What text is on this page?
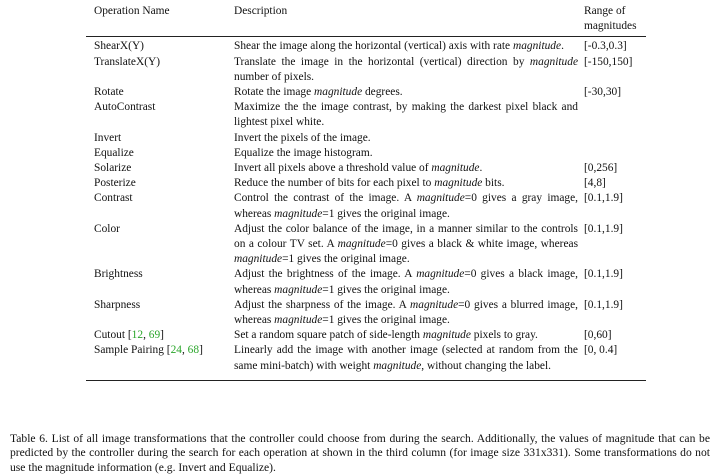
Operation Name	Description	Range of magnitudes
ShearX(Y)	Shear the image along the horizontal (vertical) axis with rate magnitude.	[-0.3,0.3]
TranslateX(Y)	Translate the image in the horizontal (vertical) direction by magnitude number of pixels.	[-150,150]
Rotate	Rotate the image magnitude degrees.	[-30,30]
AutoContrast	Maximize the the image contrast, by making the darkest pixel black and lightest pixel white.	
Invert	Invert the pixels of the image.	
Equalize	Equalize the image histogram.	
Solarize	Invert all pixels above a threshold value of magnitude.	[0,256]
Posterize	Reduce the number of bits for each pixel to magnitude bits.	[4,8]
Contrast	Control the contrast of the image. A magnitude=0 gives a gray image, whereas magnitude=1 gives the original image.	[0.1,1.9]
Color	Adjust the color balance of the image, in a manner similar to the controls on a colour TV set. A magnitude=0 gives a black & white image, whereas magnitude=1 gives the original image.	[0.1,1.9]
Brightness	Adjust the brightness of the image. A magnitude=0 gives a black image, whereas magnitude=1 gives the original image.	[0.1,1.9]
Sharpness	Adjust the sharpness of the image. A magnitude=0 gives a blurred image, whereas magnitude=1 gives the original image.	[0.1,1.9]
Cutout [12, 69]	Set a random square patch of side-length magnitude pixels to gray.	[0,60]
Sample Pairing [24, 68]	Linearly add the image with another image (selected at random from the same mini-batch) with weight magnitude, without changing the label.	[0, 0.4]
Table 6. List of all image transformations that the controller could choose from during the search. Additionally, the values of magnitude that can be predicted by the controller during the search for each operation at shown in the third column (for image size 331x331). Some transformations do not use the magnitude information (e.g. Invert and Equalize).
